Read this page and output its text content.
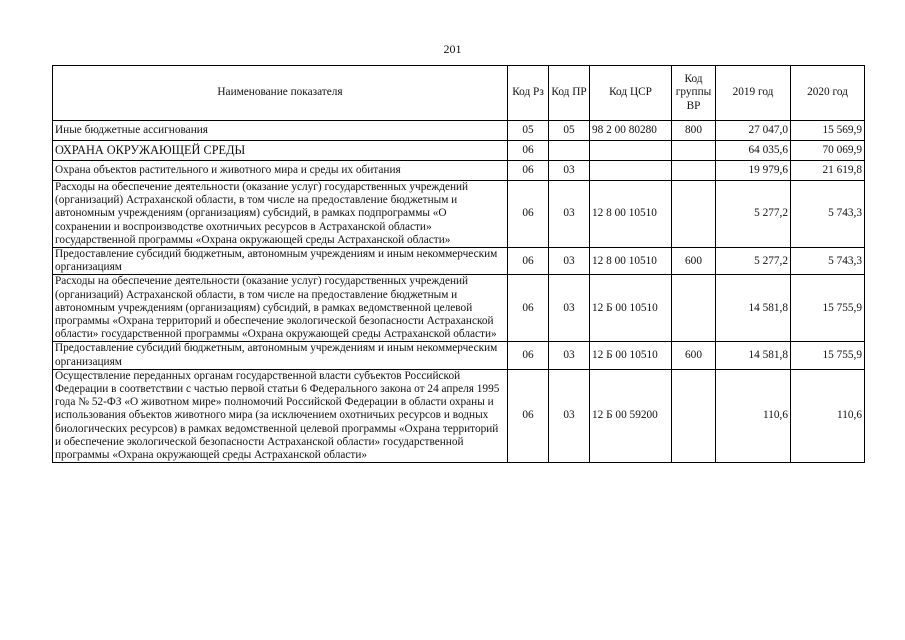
201
Наименование показателя	Код Рз	Код ПР	Код ЦСР	Код группы ВР	2019 год	2020 год
Иные бюджетные ассигнования	05	05	98 2 00 80280	800	27 047,0	15 569,9
ОХРАНА ОКРУЖАЮЩЕЙ СРЕДЫ	06				64 035,6	70 069,9
Охрана объектов растительного и животного мира и среды их обитания	06	03			19 979,6	21 619,8
Расходы на обеспечение деятельности (оказание услуг) государственных учреждений (организаций) Астраханской области, в том числе на предоставление бюджетным и автономным учреждениям (организациям) субсидий, в рамках подпрограммы «О сохранении и воспроизводстве охотничьих ресурсов в Астраханской области» государственной программы «Охрана окружающей среды Астраханской области»	06	03	12 8 00 10510		5 277,2	5 743,3
Предоставление субсидий бюджетным, автономным учреждениям и иным некоммерческим организациям	06	03	12 8 00 10510	600	5 277,2	5 743,3
Расходы на обеспечение деятельности (оказание услуг) государственных учреждений (организаций) Астраханской области, в том числе на предоставление бюджетным и автономным учреждениям (организациям) субсидий, в рамках ведомственной целевой программы «Охрана территорий и обеспечение экологической безопасности Астраханской области» государственной программы «Охрана окружающей среды Астраханской области»	06	03	12 Б 00 10510		14 581,8	15 755,9
Предоставление субсидий бюджетным, автономным учреждениям и иным некоммерческим организациям	06	03	12 Б 00 10510	600	14 581,8	15 755,9
Осуществление переданных органам государственной власти субъектов Российской Федерации в соответствии с частью первой статьи 6 Федерального закона от 24 апреля 1995 года № 52-ФЗ «О животном мире» полномочий Российской Федерации в области охраны и использования объектов животного мира (за исключением охотничьих ресурсов и водных биологических ресурсов) в рамках ведомственной целевой программы «Охрана территорий и обеспечение экологической безопасности Астраханской области» государственной программы «Охрана окружающей среды Астраханской области»	06	03	12 Б 00 59200		110,6	110,6
